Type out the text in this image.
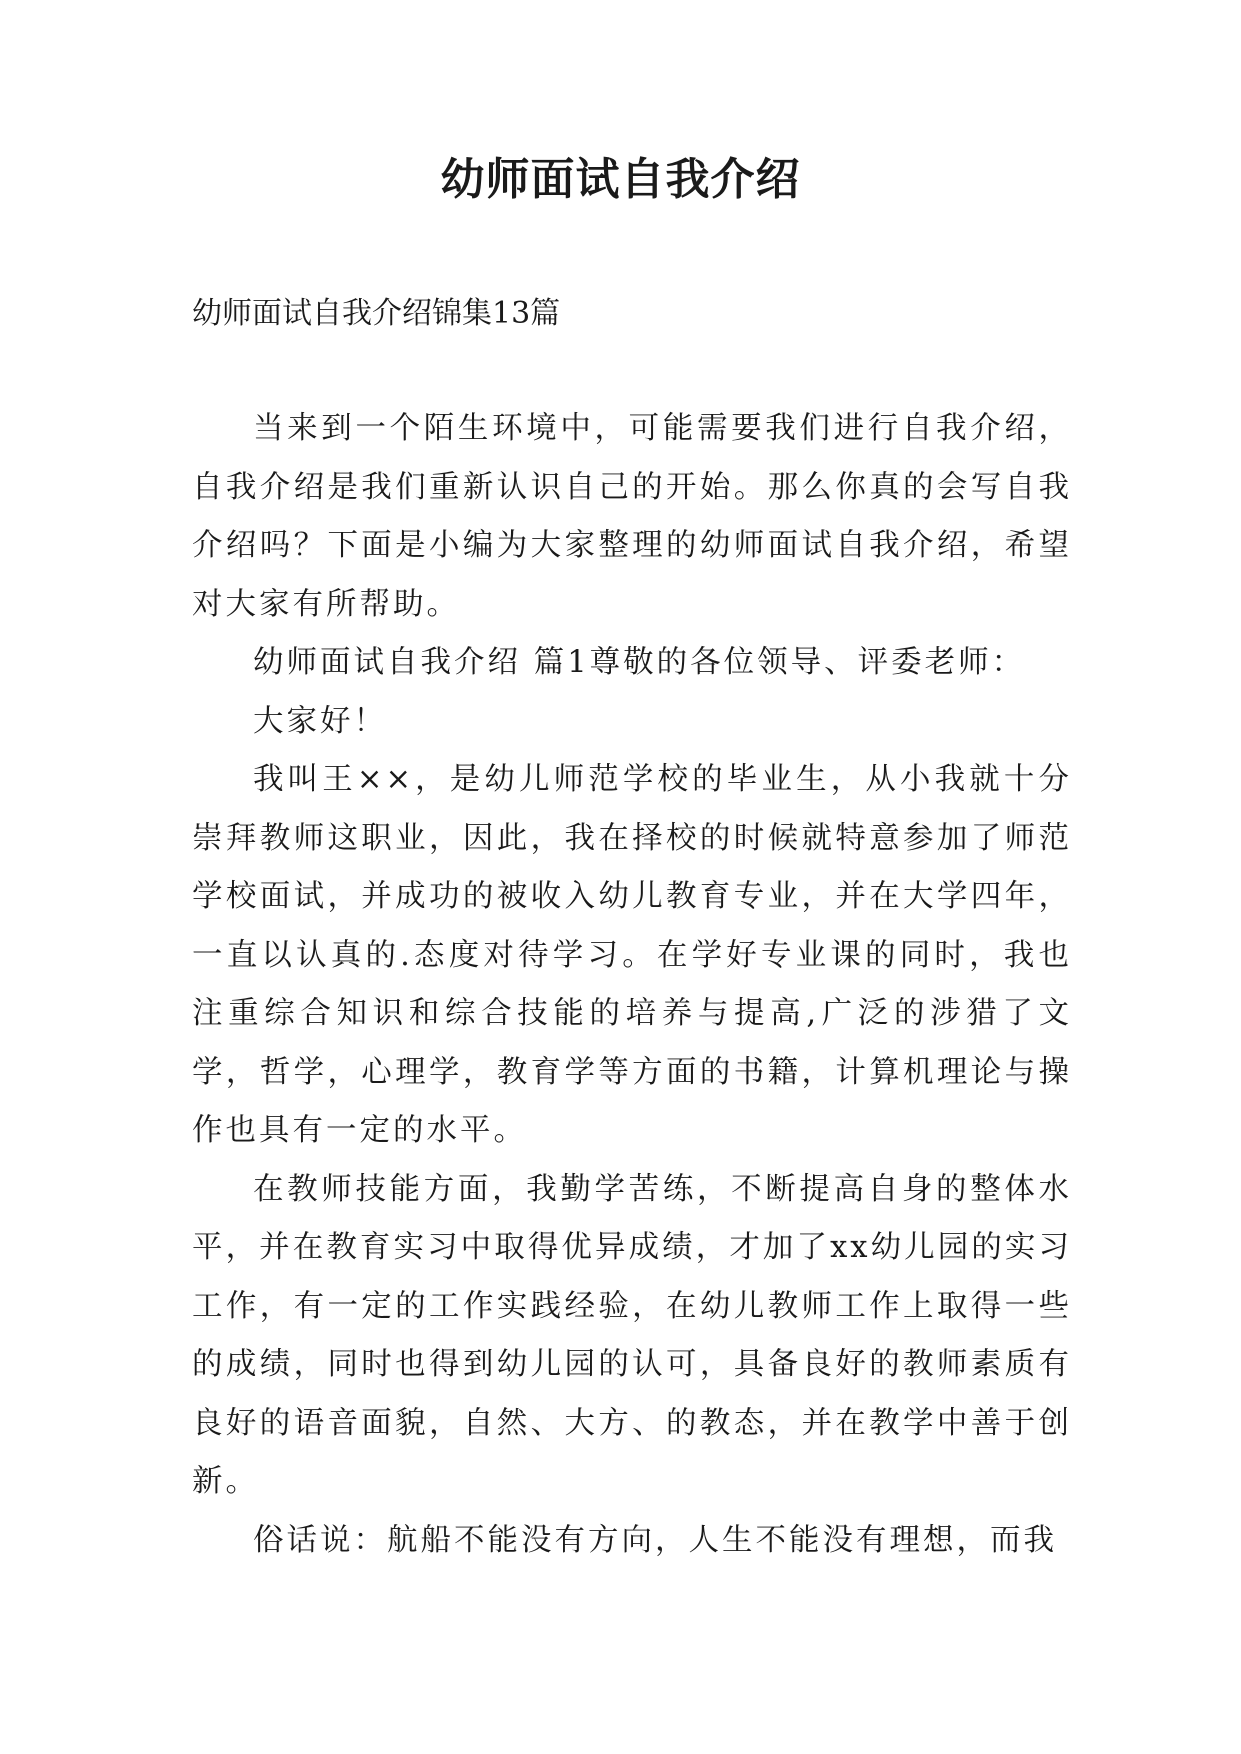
幼师面试自我介绍

幼师面试自我介绍锦集13篇

当来到一个陌生环境中，可能需要我们进行自我介绍，自我介绍是我们重新认识自己的开始。那么你真的会写自我介绍吗？下面是小编为大家整理的幼师面试自我介绍，希望对大家有所帮助。

幼师面试自我介绍 篇1尊敬的各位领导、评委老师：

大家好！

我叫王××，是幼儿师范学校的毕业生，从小我就十分崇拜教师这职业，因此，我在择校的时候就特意参加了师范学校面试，并成功的被收入幼儿教育专业，并在大学四年，一直以认真的.态度对待学习。在学好专业课的同时，我也注重综合知识和综合技能的培养与提高,广泛的涉猎了文学，哲学，心理学，教育学等方面的书籍，计算机理论与操作也具有一定的水平。

在教师技能方面，我勤学苦练，不断提高自身的整体水平，并在教育实习中取得优异成绩，才加了xx幼儿园的实习工作，有一定的工作实践经验，在幼儿教师工作上取得一些的成绩，同时也得到幼儿园的认可，具备良好的教师素质有良好的语音面貌，自然、大方、的教态，并在教学中善于创新。

俗话说：航船不能没有方向，人生不能没有理想，而我
